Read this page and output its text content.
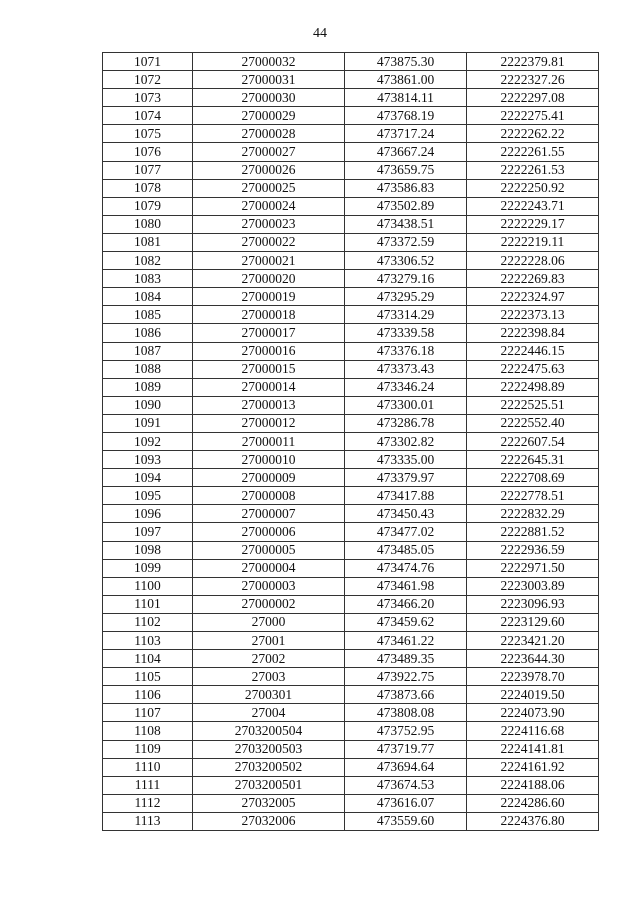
44
1071	27000032	473875.30	2222379.81
1072	27000031	473861.00	2222327.26
1073	27000030	473814.11	2222297.08
1074	27000029	473768.19	2222275.41
1075	27000028	473717.24	2222262.22
1076	27000027	473667.24	2222261.55
1077	27000026	473659.75	2222261.53
1078	27000025	473586.83	2222250.92
1079	27000024	473502.89	2222243.71
1080	27000023	473438.51	2222229.17
1081	27000022	473372.59	2222219.11
1082	27000021	473306.52	2222228.06
1083	27000020	473279.16	2222269.83
1084	27000019	473295.29	2222324.97
1085	27000018	473314.29	2222373.13
1086	27000017	473339.58	2222398.84
1087	27000016	473376.18	2222446.15
1088	27000015	473373.43	2222475.63
1089	27000014	473346.24	2222498.89
1090	27000013	473300.01	2222525.51
1091	27000012	473286.78	2222552.40
1092	27000011	473302.82	2222607.54
1093	27000010	473335.00	2222645.31
1094	27000009	473379.97	2222708.69
1095	27000008	473417.88	2222778.51
1096	27000007	473450.43	2222832.29
1097	27000006	473477.02	2222881.52
1098	27000005	473485.05	2222936.59
1099	27000004	473474.76	2222971.50
1100	27000003	473461.98	2223003.89
1101	27000002	473466.20	2223096.93
1102	27000	473459.62	2223129.60
1103	27001	473461.22	2223421.20
1104	27002	473489.35	2223644.30
1105	27003	473922.75	2223978.70
1106	2700301	473873.66	2224019.50
1107	27004	473808.08	2224073.90
1108	2703200504	473752.95	2224116.68
1109	2703200503	473719.77	2224141.81
1110	2703200502	473694.64	2224161.92
1111	2703200501	473674.53	2224188.06
1112	27032005	473616.07	2224286.60
1113	27032006	473559.60	2224376.80
